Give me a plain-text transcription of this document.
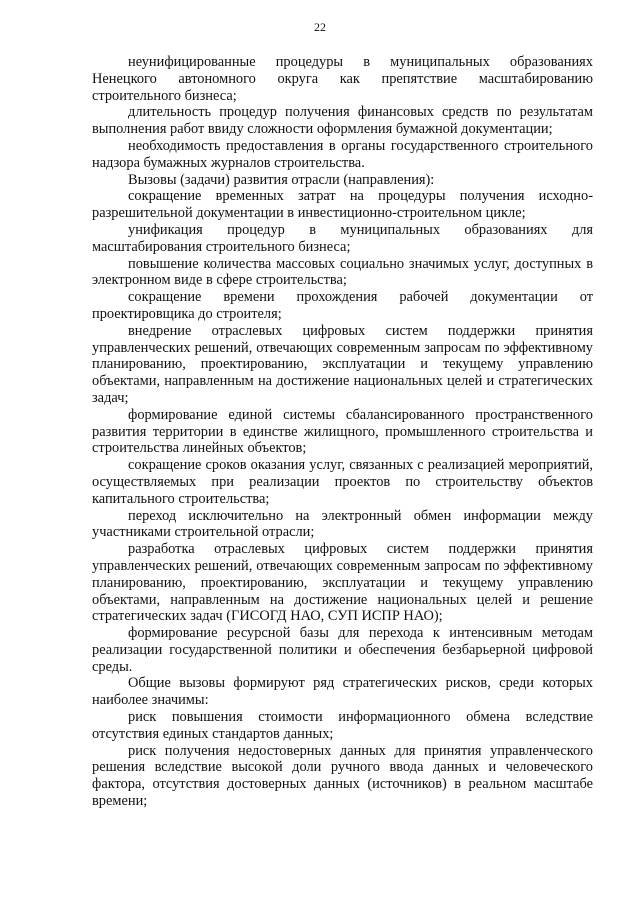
22

неунифицированные процедуры в муниципальных образованиях Ненецкого автономного округа как препятствие масштабированию строительного бизнеса;

длительность процедур получения финансовых средств по результатам выполнения работ ввиду сложности оформления бумажной документации;

необходимость предоставления в органы государственного строительного надзора бумажных журналов строительства.

Вызовы (задачи) развития отрасли (направления):

сокращение временных затрат на процедуры получения исходно-разрешительной документации в инвестиционно-строительном цикле;

унификация процедур в муниципальных образованиях для масштабирования строительного бизнеса;

повышение количества массовых социально значимых услуг, доступных в электронном виде в сфере строительства;

сокращение времени прохождения рабочей документации от проектировщика до строителя;

внедрение отраслевых цифровых систем поддержки принятия управленческих решений, отвечающих современным запросам по эффективному планированию, проектированию, эксплуатации и текущему управлению объектами, направленным на достижение национальных целей и стратегических задач;

формирование единой системы сбалансированного пространственного развития территории в единстве жилищного, промышленного строительства и строительства линейных объектов;

сокращение сроков оказания услуг, связанных с реализацией мероприятий, осуществляемых при реализации проектов по строительству объектов капитального строительства;

переход исключительно на электронный обмен информации между участниками строительной отрасли;

разработка отраслевых цифровых систем поддержки принятия управленческих решений, отвечающих современным запросам по эффективному планированию, проектированию, эксплуатации и текущему управлению объектами, направленным на достижение национальных целей и решение стратегических задач (ГИСОГД НАО, СУП ИСПР НАО);

формирование ресурсной базы для перехода к интенсивным методам реализации государственной политики и обеспечения безбарьерной цифровой среды.

Общие вызовы формируют ряд стратегических рисков, среди которых наиболее значимы:

риск повышения стоимости информационного обмена вследствие отсутствия единых стандартов данных;

риск получения недостоверных данных для принятия управленческого решения вследствие высокой доли ручного ввода данных и человеческого фактора, отсутствия достоверных данных (источников) в реальном масштабе времени;
